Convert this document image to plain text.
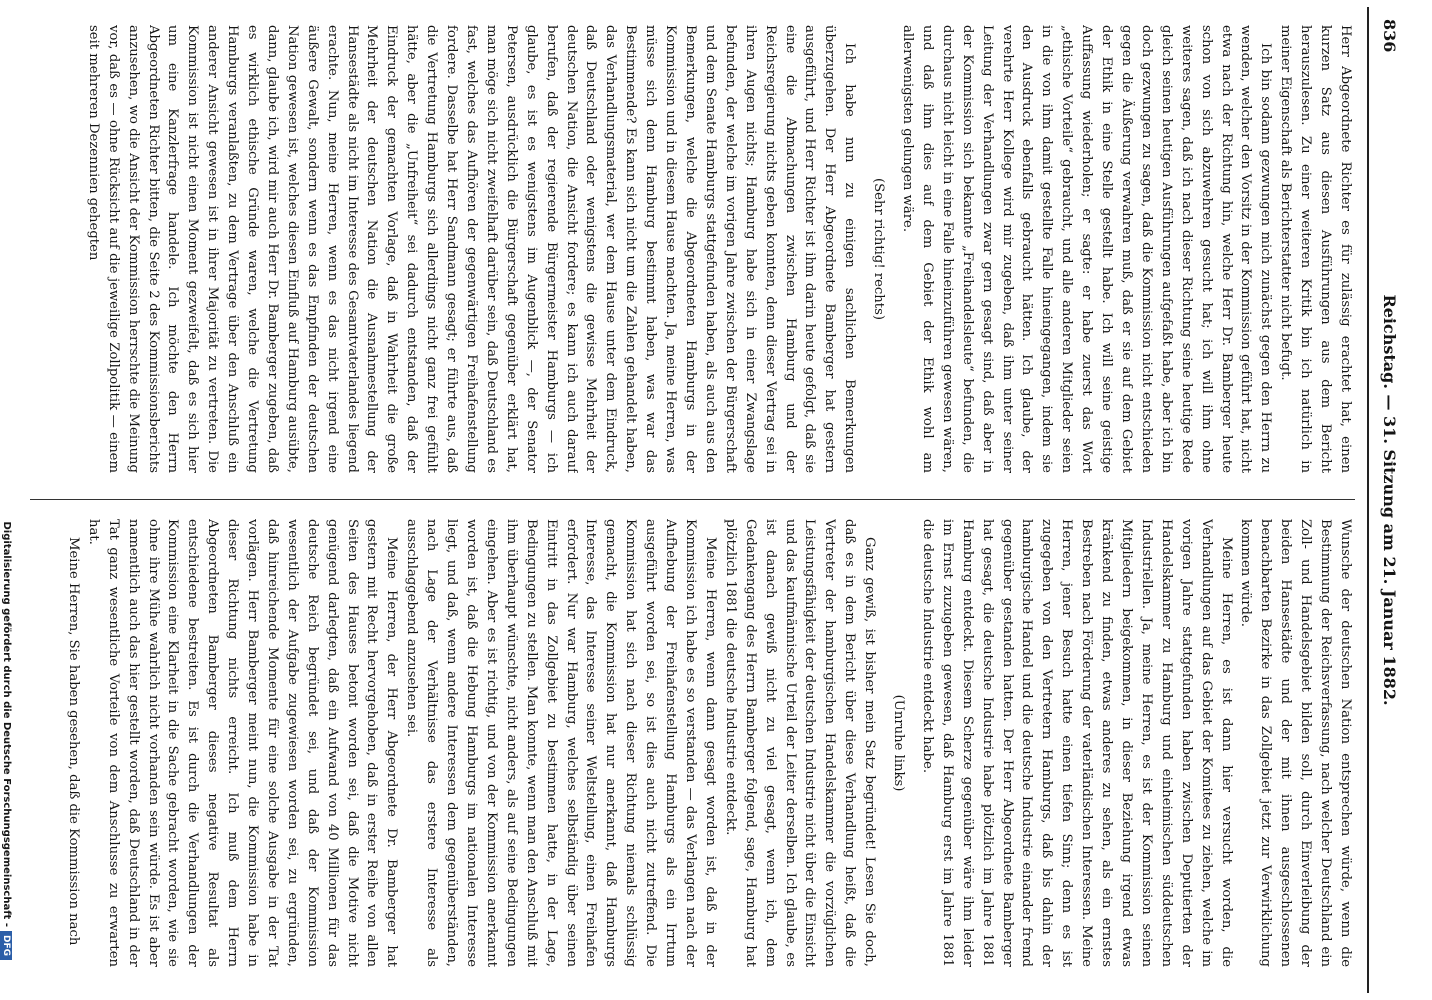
836
Reichstag. — 31. Sitzung am 21. Januar 1882.

Herr Abgeordnete Richter es für zulässig erachtet hat, einen kurzen Satz aus diesen Ausführungen aus dem Bericht herauszulesen. Zu einer weiteren Kritik bin ich natürlich in meiner Eigenschaft als Berichterstatter nicht befugt.

Ich bin sodann gezwungen mich zunächst gegen den Herrn zu wenden, welcher den Vorsitz in der Kommission geführt hat, nicht etwa nach der Richtung hin, welche Herr Dr. Bamberger heute schon von sich abzuwehren gesucht hat; ich will ihm ohne weiteres sagen, daß ich nach dieser Richtung seine heutige Rede gleich seinen heutigen Ausführungen aufgefaßt habe, aber ich bin doch gezwungen zu sagen, daß die Kommission nicht entschieden gegen die Äußerung verwahren muß, daß er sie auf dem Gebiet der Ethik in eine Stelle gestellt habe. Ich will seine geistige Auffassung wiederholen; er sagte: er habe zuerst das Wort „ethische Vorteile“ gebraucht, und alle anderen Mitglieder seien in die von ihm damit gestellte Falle hineingegangen, indem sie den Ausdruck ebenfalls gebraucht hätten. Ich glaube, der verehrte Herr Kollege wird mir zugeben, daß ihm unter seiner Leitung der Verhandlungen zwar gern gesagt sind, daß aber in der Kommission sich bekannte „Freihandelsleute“ befunden, die durchaus nicht leicht in eine Falle hineinzuführen gewesen wären, und daß ihm dies auf dem Gebiet der Ethik wohl am allerwenigsten gelungen wäre.

(Sehr richtig! rechts)

Ich habe nun zu einigen sachlichen Bemerkungen überzugehen. Der Herr Abgeordnete Bamberger hat gestern ausgeführt, und Herr Richter ist ihm darin heute gefolgt, daß sie eine die Abmachungen zwischen Hamburg und der Reichsregierung nichts geben konnten, denn dieser Vertrag sei in ihren Augen nichts; Hamburg habe sich in einer Zwangslage befunden, der welche im vorigen Jahre zwischen der Bürgerschaft und dem Senate Hamburgs stattgefunden haben, als auch aus den Bemerkungen, welche die Abgeordneten Hamburgs in der Kommission und in diesem Hause machten. Ja, meine Herren, was müsse sich denn Hamburg bestimmt haben, was war das Bestimmende? Es kann sich nicht um die Zahlen gehandelt haben, das Verhandlungsmaterial, wer dem Hause unter dem Eindruck, daß Deutschland oder wenigstens die gewisse Mehrheit der deutschen Nation, die Ansicht fordere; es kann ich auch darauf berufen, daß der regierende Bürgermeister Hamburgs — ich glaube, es ist es wenigstens im Augenblick —, der Senator Petersen, ausdrücklich die Bürgerschaft gegenüber erklärt hat, man möge sich nicht zweifelhaft darüber sein, daß Deutschland es fast, welches das Aufhören der gegenwärtigen Freihafenstellung fordere. Dasselbe hat Herr Sandmann gesagt; er führte aus, daß die Vertretung Hamburgs sich allerdings nicht ganz frei gefühlt hätte, aber die „Unfreiheit“ sei dadurch entstanden, daß der Eindruck der gemachten Vorlage, daß in Wahrheit die große Mehrheit der deutschen Nation die Ausnahmestellung der Hansestädte als nicht im Interesse des Gesamtvaterlandes liegend erachte. Nun, meine Herren, wenn es das nicht irgend eine äußere Gewalt, sondern wenn es das Empfinden der deutschen Nation gewesen ist, welches diesen Einfluß auf Hamburg ausübte, dann, glaube ich, wird mir auch Herr Dr. Bamberger zugeben, daß es wirklich ethische Gründe waren, welche die Vertretung Hamburgs veranlaßten, zu dem Vertrage über den Anschluß ein anderer Ansicht gewesen ist in ihrer Majorität zu vertreten. Die Kommission ist nicht einen Moment gezweifelt, daß es sich hier um eine Kanzlerfrage handele. Ich möchte den Herrn Abgeordneten Richter bitten, die Seite 2 des Kommissionsberichts anzusehen, wo die Ansicht der Kommission herrschte die Meinung vor, daß es — ohne Rücksicht auf die jeweilige Zollpolitik — einem seit mehreren Dezennien gehegten

Wunsche der deutschen Nation entsprechen würde, wenn die Bestimmung der Reichsverfassung, nach welcher Deutschland ein Zoll- und Handelsgebiet bilden soll, durch Einverleibung der beiden Hansestädte und der mit ihnen ausgeschlossenen benachbarten Bezirke in das Zollgebiet jetzt zur Verwirklichung kommen würde.

Meine Herren, es ist dann hier versucht worden, die Verhandlungen auf das Gebiet der Komitees zu ziehen, welche im vorigen Jahre stattgefunden haben zwischen Deputierten der Handelskammer zu Hamburg und einheimischen süddeutschen Industriellen. Ja, meine Herren, es ist der Kommission seinen Mitgliedern beigekommen, in dieser Beziehung irgend etwas kränkend zu finden, etwas anderes zu sehen, als ein ernstes Bestreben nach Förderung der vaterländischen Interessen. Meine Herren, jener Besuch hatte einen tiefen Sinn; denn es ist zugegeben von den Vertretern Hamburgs, daß bis dahin der hamburgische Handel und die deutsche Industrie einander fremd gegenüber gestanden hatten. Der Herr Abgeordnete Bamberger hat gesagt, die deutsche Industrie habe plötzlich im Jahre 1881 Hamburg entdeckt. Diesem Scherze gegenüber wäre ihm leider im Ernst zuzugeben gewesen, daß Hamburg erst im Jahre 1881 die deutsche Industrie entdeckt habe.

(Unruhe links)

Ganz gewiß, ist bisher mein Satz begründet! Lesen Sie doch, daß es in dem Bericht über diese Verhandlung heißt, daß die Vertreter der hamburgischen Handelskammer die vorzüglichen Leistungsfähigkeit der deutschen Industrie nicht über die Einsicht und das kaufmännische Urteil der Leiter derselben. Ich glaube, es ist danach gewiß nicht zu viel gesagt, wenn ich, dem Gedankengang des Herrn Bamberger folgend, sage, Hamburg hat plötzlich 1881 die deutsche Industrie entdeckt.

Meine Herren, wenn dann gesagt worden ist, daß in der Kommission ich habe es so verstanden — das Verlangen nach der Aufhebung der Freihafenstellung Hamburgs als ein Irrtum ausgeführt worden sei, so ist dies auch nicht zutreffend. Die Kommission hat sich nach dieser Richtung niemals schlüssig gemacht, die Kommission hat nur anerkannt, daß Hamburgs Interesse, das Interesse seiner Weltstellung, einen Freihafen erfordert. Nur war Hamburg, welches selbständig über seinen Eintritt in das Zollgebiet zu bestimmen hatte, in der Lage, Bedingungen zu stellen. Man konnte, wenn man den Anschluß mit ihm überhaupt wünschte, nicht anders, als auf seine Bedingungen eingehen. Aber es ist richtig, und von der Kommission anerkannt worden ist, daß die Hebung Hamburgs im nationalen Interesse liegt, und daß, wenn andere Interessen dem gegenüberständen, nach Lage der Verhältnisse das erstere Interesse als ausschlaggebend anzusehen sei.

Meine Herren, der Herr Abgeordnete Dr. Bamberger hat gestern mit Recht hervorgehoben, daß in erster Reihe von allen Seiten des Hauses betont worden sei, daß die Motive nicht genügend darlegten, daß ein Aufwand von 40 Millionen für das deutsche Reich begründet sei, und daß der Kommission wesentlich der Aufgabe zugewiesen worden sei, zu ergründen, daß hinreichende Momente für eine solche Ausgabe in der Tat vorlägen. Herr Bamberger meint nun, die Kommission habe in dieser Richtung nichts erreicht. Ich muß dem Herrn Abgeordneten Bamberger dieses negative Resultat als entschiedene bestreiten. Es ist durch die Verhandlungen der Kommission eine Klarheit in die Sache gebracht worden, wie sie ohne ihre Mühe wahrlich nicht vorhanden sein würde. Es ist aber namentlich auch das hier gestellt worden, daß Deutschland in der Tat ganz wesentliche Vorteile von dem Anschlusse zu erwarten hat.

Meine Herren, Sie haben gesehen, daß die Kommission nach

Digitalisierung gefördert durch die Deutsche Forschungsgemeinschaft -DFG
